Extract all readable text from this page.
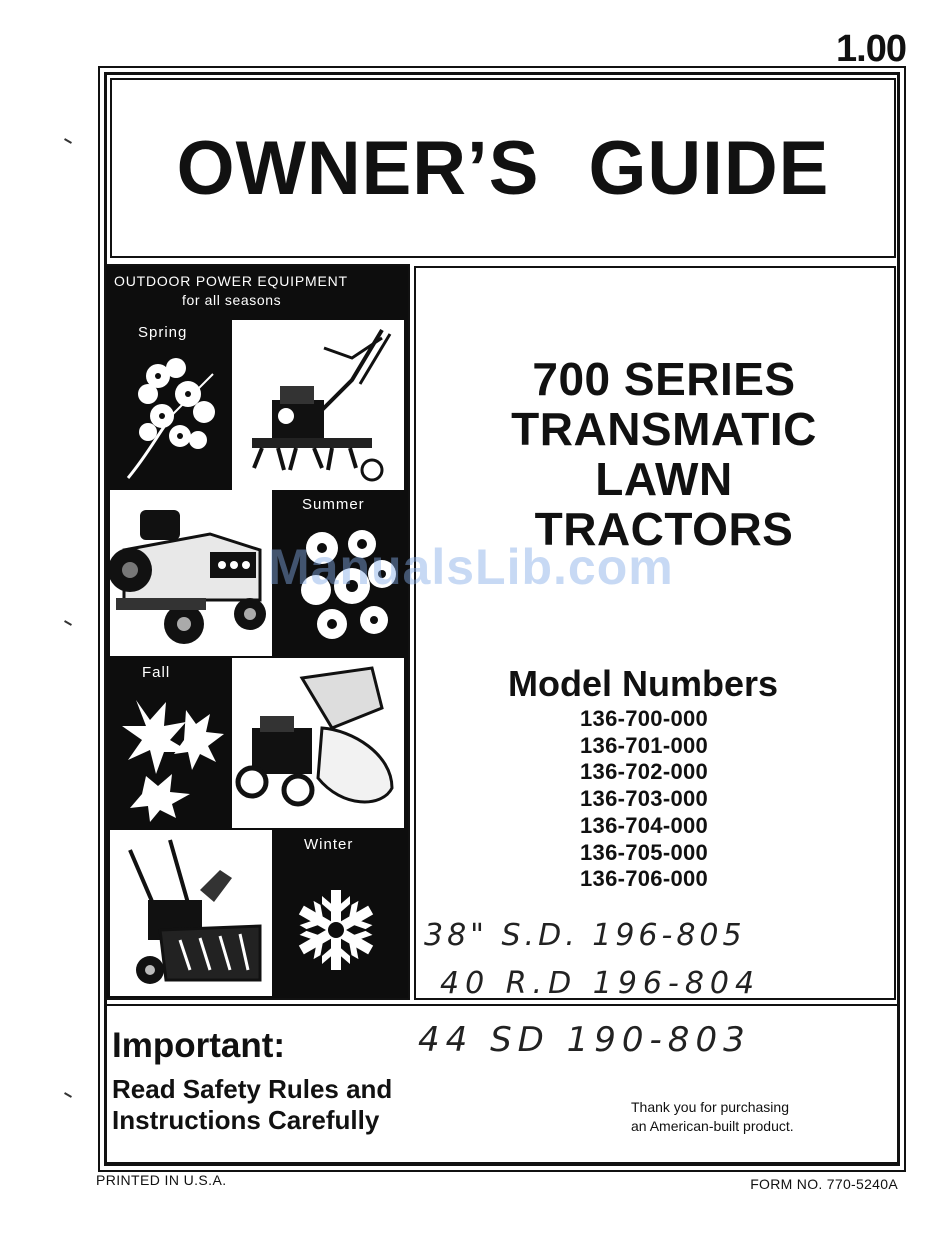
1.00
OWNER’S GUIDE
OUTDOOR POWER EQUIPMENT
for all seasons
Spring
Summer
Fall
Winter
700 SERIES
TRANSMATIC
LAWN
TRACTORS
ManualsLib.com
Model Numbers
136-700-000
136-701-000
136-702-000
136-703-000
136-704-000
136-705-000
136-706-000
38" S.D. 196-805
40 R.D 196-804
44 SD 190-803
Important:
Read Safety Rules and
Instructions Carefully	Thank you for purchasing
an American-built product.
PRINTED IN U.S.A.	FORM NO. 770-5240A
